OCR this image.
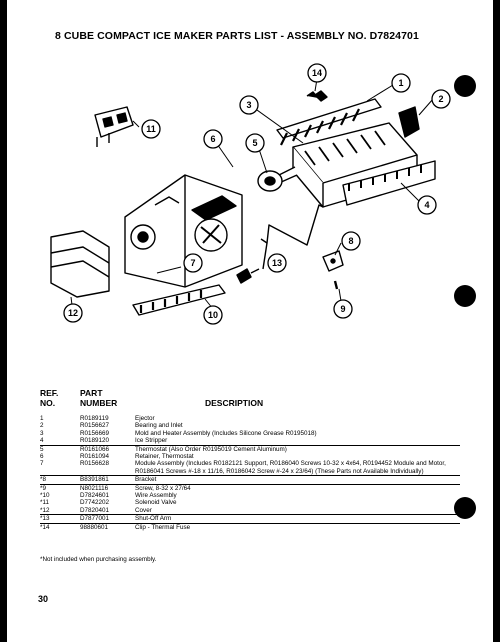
8 CUBE COMPACT ICE MAKER PARTS LIST - ASSEMBLY NO. D7824701
1
2
3
4
5
6
7
8
9
10
11
12
13
14
REF.
NO.
PART
NUMBER	DESCRIPTION
1	R0189119	Ejector
2	R0156627	Bearing and Inlet
3	R0156669	Mold and Heater Assembly (Includes Silicone Grease R0195018)
4	R0189120	Ice Stripper
5	R0161066	Thermostat (Also Order R0195019 Cement Aluminum)
6	R0161094	Retainer, Thermostat
7	R0156628	Module Assembly (Includes R0182121 Support, R0186040 Screws 10-32 x 4x64, R0194452 Module and Motor, R0186041 Screws #-18 x 11/16, R0186042 Screw #-24 x 23/64) (These Parts not Available Individually)
*8	B8391861	Bracket
*9	N8021116	Screw, 8-32 x 27/64
*10	D7824601	Wire Assembly
*11	D7742202	Solenoid Valve
*12	D7820401	Cover
*13	D7877001	Shut-Off Arm
*14	98880601	Clip - Thermal Fuse
*Not included when purchasing assembly.
30
